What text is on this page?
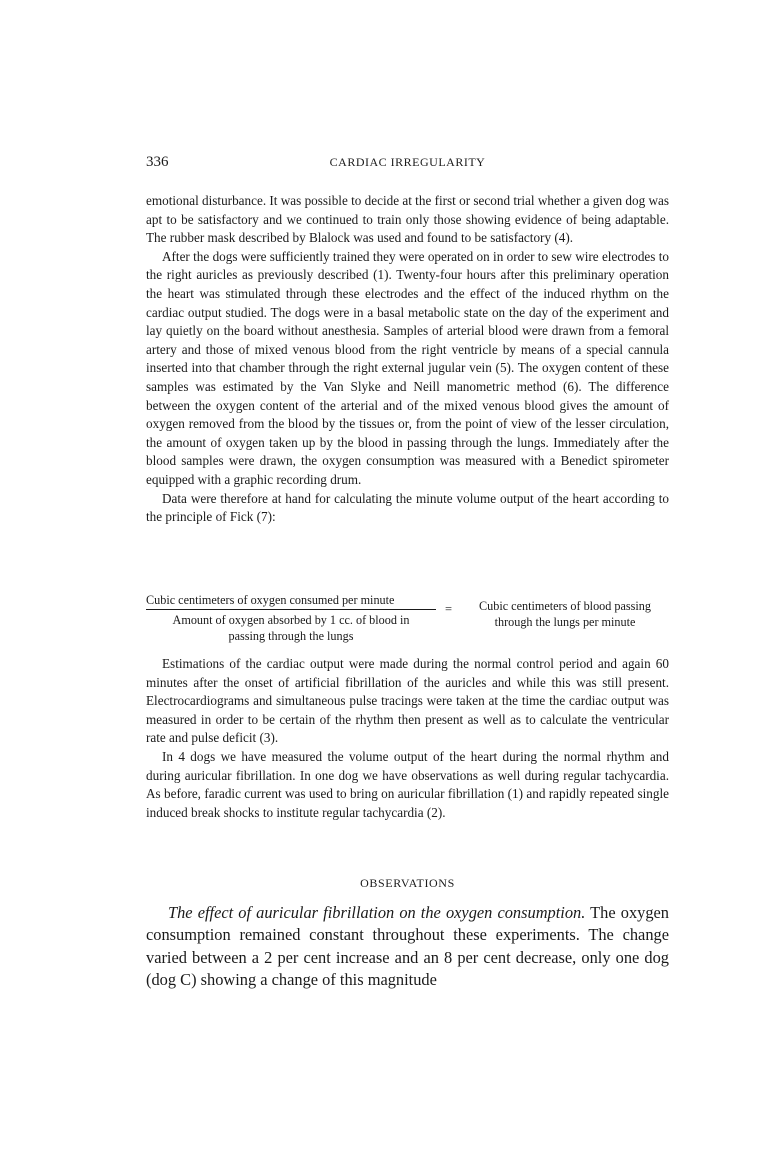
336	CARDIAC IRREGULARITY

emotional disturbance. It was possible to decide at the first or second trial whether a given dog was apt to be satisfactory and we continued to train only those showing evidence of being adaptable. The rubber mask described by Blalock was used and found to be satisfactory (4).

After the dogs were sufficiently trained they were operated on in order to sew wire electrodes to the right auricles as previously described (1). Twenty-four hours after this preliminary operation the heart was stimulated through these electrodes and the effect of the induced rhythm on the cardiac output studied. The dogs were in a basal metabolic state on the day of the experiment and lay quietly on the board without anesthesia. Samples of arterial blood were drawn from a femoral artery and those of mixed venous blood from the right ventricle by means of a special cannula inserted into that chamber through the right external jugular vein (5). The oxygen content of these samples was estimated by the Van Slyke and Neill manometric method (6). The difference between the oxygen content of the arterial and of the mixed venous blood gives the amount of oxygen removed from the blood by the tissues or, from the point of view of the lesser circulation, the amount of oxygen taken up by the blood in passing through the lungs. Immediately after the blood samples were drawn, the oxygen consumption was measured with a Benedict spirometer equipped with a graphic recording drum.

Data were therefore at hand for calculating the minute volume output of the heart according to the principle of Fick (7):

Cubic centimeters of oxygen consumed per minute
Amount of oxygen absorbed by 1 cc. of blood in
passing through the lungs
=	Cubic centimeters of blood passing
through the lungs per minute

Estimations of the cardiac output were made during the normal control period and again 60 minutes after the onset of artificial fibrillation of the auricles and while this was still present. Electrocardiograms and simultaneous pulse tracings were taken at the time the cardiac output was measured in order to be certain of the rhythm then present as well as to calculate the ventricular rate and pulse deficit (3).

In 4 dogs we have measured the volume output of the heart during the normal rhythm and during auricular fibrillation. In one dog we have observations as well during regular tachycardia. As before, faradic current was used to bring on auricular fibrillation (1) and rapidly repeated single induced break shocks to institute regular tachycardia (2).

OBSERVATIONS

The effect of auricular fibrillation on the oxygen consumption. The oxygen consumption remained constant throughout these experiments. The change varied between a 2 per cent increase and an 8 per cent decrease, only one dog (dog C) showing a change of this magnitude
